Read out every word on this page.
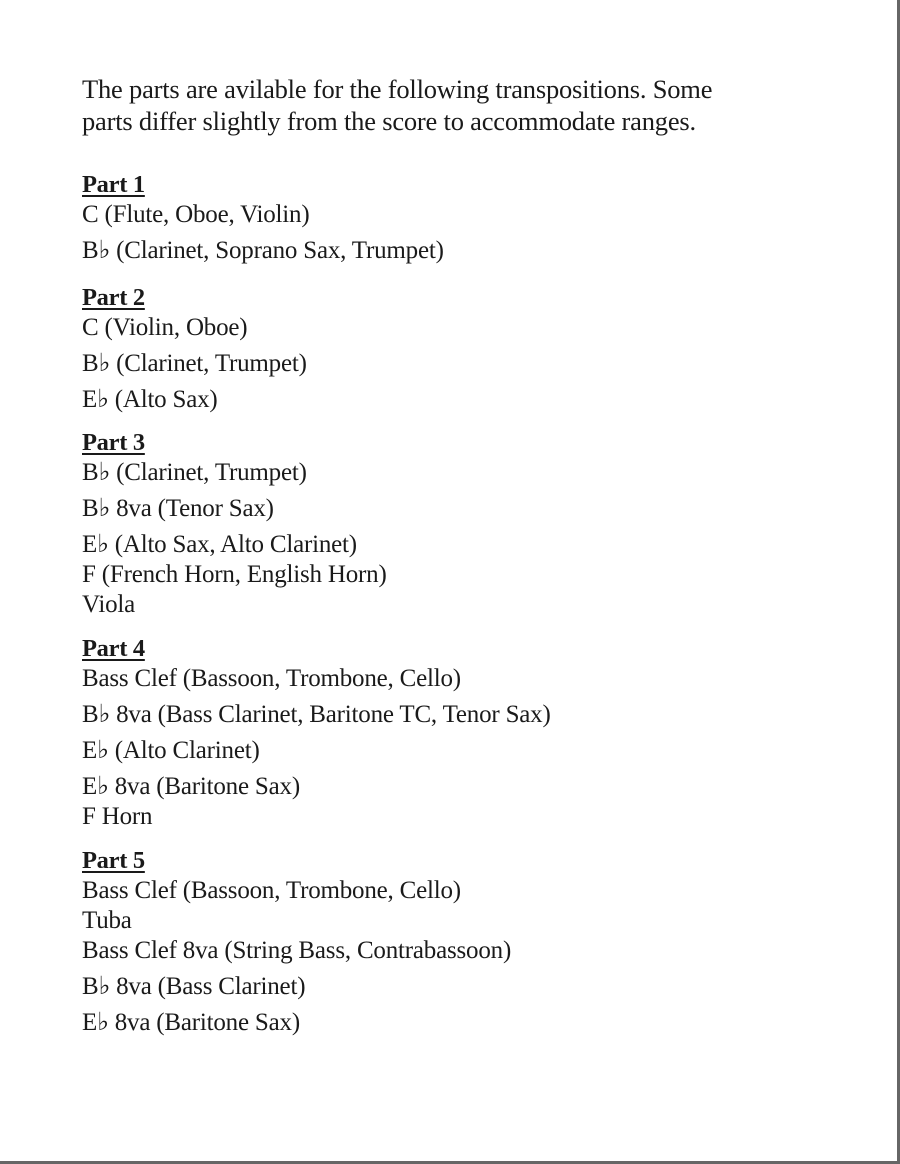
The parts are avilable for the following transpositions. Some
parts differ slightly from the score to accommodate ranges.
Part 1
C (Flute, Oboe, Violin)
B♭ (Clarinet, Soprano Sax, Trumpet)
Part 2
C (Violin, Oboe)
B♭ (Clarinet, Trumpet)
E♭ (Alto Sax)
Part 3
B♭ (Clarinet, Trumpet)
B♭ 8va (Tenor Sax)
E♭ (Alto Sax, Alto Clarinet)
F (French Horn, English Horn)
Viola
Part 4
Bass Clef (Bassoon, Trombone, Cello)
B♭ 8va (Bass Clarinet, Baritone TC, Tenor Sax)
E♭ (Alto Clarinet)
E♭ 8va (Baritone Sax)
F Horn
Part 5
Bass Clef (Bassoon, Trombone, Cello)
Tuba
Bass Clef 8va (String Bass, Contrabassoon)
B♭ 8va (Bass Clarinet)
E♭ 8va (Baritone Sax)
